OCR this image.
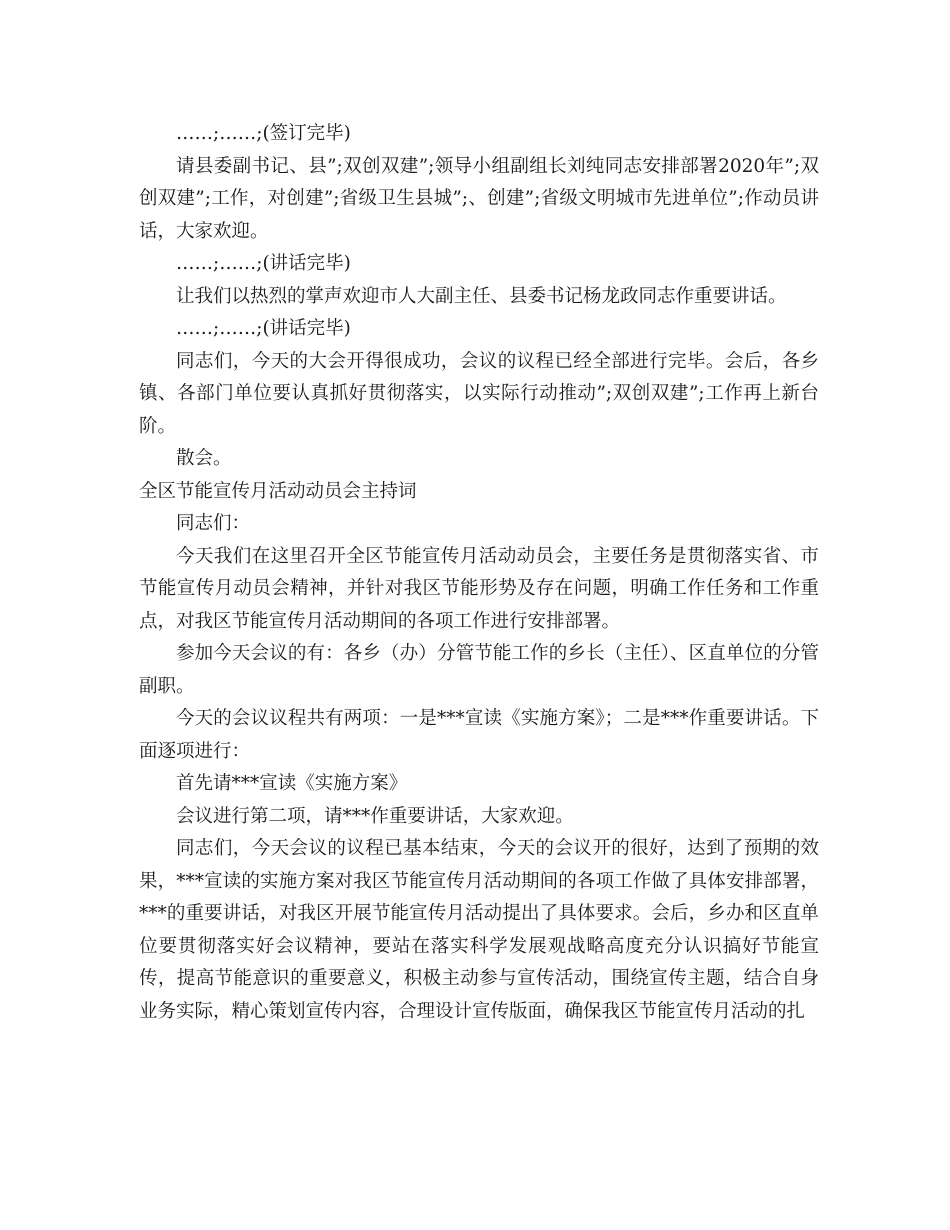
……;……;(签订完毕)

请县委副书记、县”;双创双建”;领导小组副组长刘纯同志安排部署2020年”;双创双建”;工作，对创建”;省级卫生县城”;、创建”;省级文明城市先进单位”;作动员讲话，大家欢迎。

……;……;(讲话完毕)

让我们以热烈的掌声欢迎市人大副主任、县委书记杨龙政同志作重要讲话。

……;……;(讲话完毕)

同志们，今天的大会开得很成功，会议的议程已经全部进行完毕。会后，各乡镇、各部门单位要认真抓好贯彻落实，以实际行动推动”;双创双建”;工作再上新台阶。

散会。

全区节能宣传月活动动员会主持词

同志们：

今天我们在这里召开全区节能宣传月活动动员会，主要任务是贯彻落实省、市节能宣传月动员会精神，并针对我区节能形势及存在问题，明确工作任务和工作重点，对我区节能宣传月活动期间的各项工作进行安排部署。

参加今天会议的有：各乡（办）分管节能工作的乡长（主任）、区直单位的分管副职。

今天的会议议程共有两项：一是***宣读《实施方案》；二是***作重要讲话。下面逐项进行：

首先请***宣读《实施方案》

会议进行第二项，请***作重要讲话，大家欢迎。

同志们，今天会议的议程已基本结束，今天的会议开的很好，达到了预期的效果，***宣读的实施方案对我区节能宣传月活动期间的各项工作做了具体安排部署，***的重要讲话，对我区开展节能宣传月活动提出了具体要求。会后，乡办和区直单位要贯彻落实好会议精神，要站在落实科学发展观战略高度充分认识搞好节能宣传，提高节能意识的重要意义，积极主动参与宣传活动，围绕宣传主题，结合自身业务实际，精心策划宣传内容，合理设计宣传版面，确保我区节能宣传月活动的扎
